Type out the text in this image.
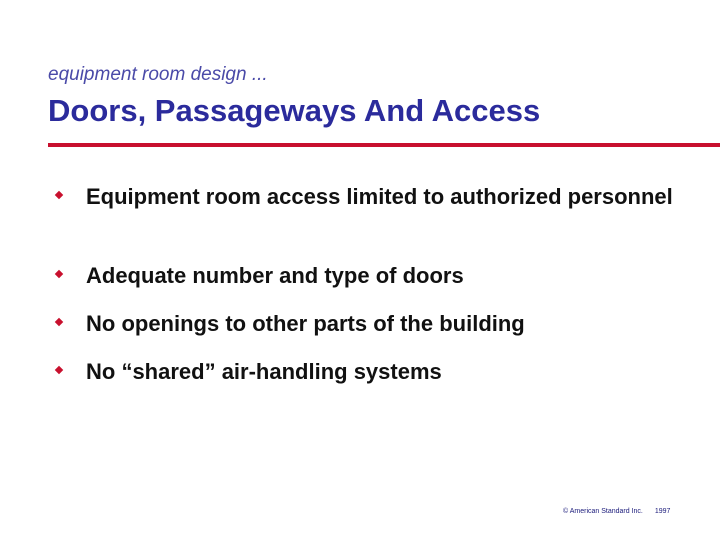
equipment room design ...
Doors, Passageways And Access
Equipment room access limited to authorized personnel
Adequate number and type of doors
No openings to other parts of the building
No “shared” air-handling systems
© American Standard Inc. 1997
